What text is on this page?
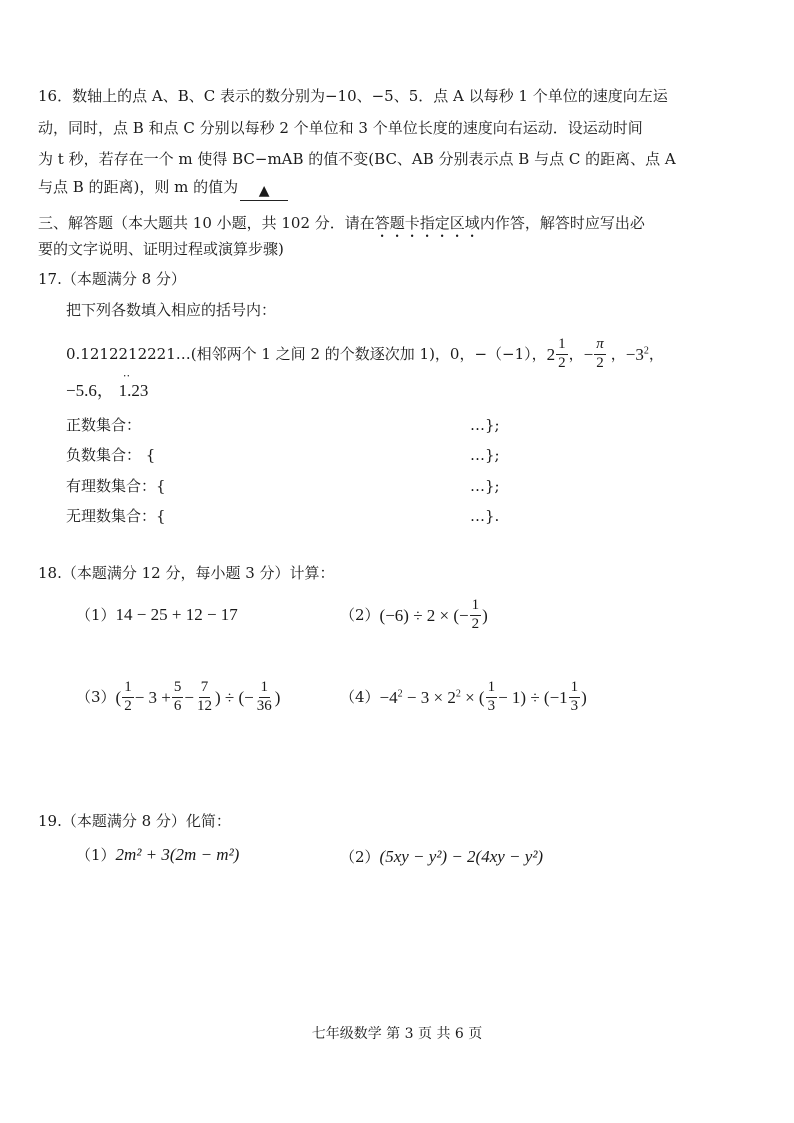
16．数轴上的点 A、B、C 表示的数分别为−10、−5、5．点 A 以每秒 1 个单位的速度向左运
动，同时，点 B 和点 C 分别以每秒 2 个单位和 3 个单位长度的速度向右运动．设运动时间
为 t 秒，若存在一个 m 使得 BC−mAB 的值不变(BC、AB 分别表示点 B 与点 C 的距离、点 A
与点 B 的距离)，则 m 的值为 ▲
三、解答题（本大题共 10 小题，共 102 分．请在答题卡指定区域内作答，解答时应写出必
要的文字说明、证明过程或演算步骤)
17.（本题满分 8 分）
把下列各数填入相应的括号内：
0.1212212221…(相邻两个 1 之间 2 的个数逐次加 1)，0，−（−1）， $2 \frac{1}{2}$ ， − $\frac{\pi}{2}$ ， $-3^2$ ，
−5.6， • • 1.23
正数集合：	…};
负数集合： {	…};
有理数集合：{	…};
无理数集合：{	…}.
18.（本题满分 12 分，每小题 3 分）计算：
（1）14 − 25 + 12 − 17	（2） (−6) ÷ 2 × (− $\frac{1}{2}$ )
（3） ( $\frac{1}{2} - 3 + \frac{5}{6} - \frac{7}{12}$ ) ÷ (− $\frac{1}{36}$ )	$(4) -4^2 - 3 \times 2^2$ × ( $\frac{1}{3} - 1) \div (-1 \frac{1}{3}$ )
19.（本题满分 8 分）化简：
（1）2m² + 3(2m − m²)	（2）(5xy − y²) − 2(4xy − y²)
七年级数学 第 3 页 共 6 页
